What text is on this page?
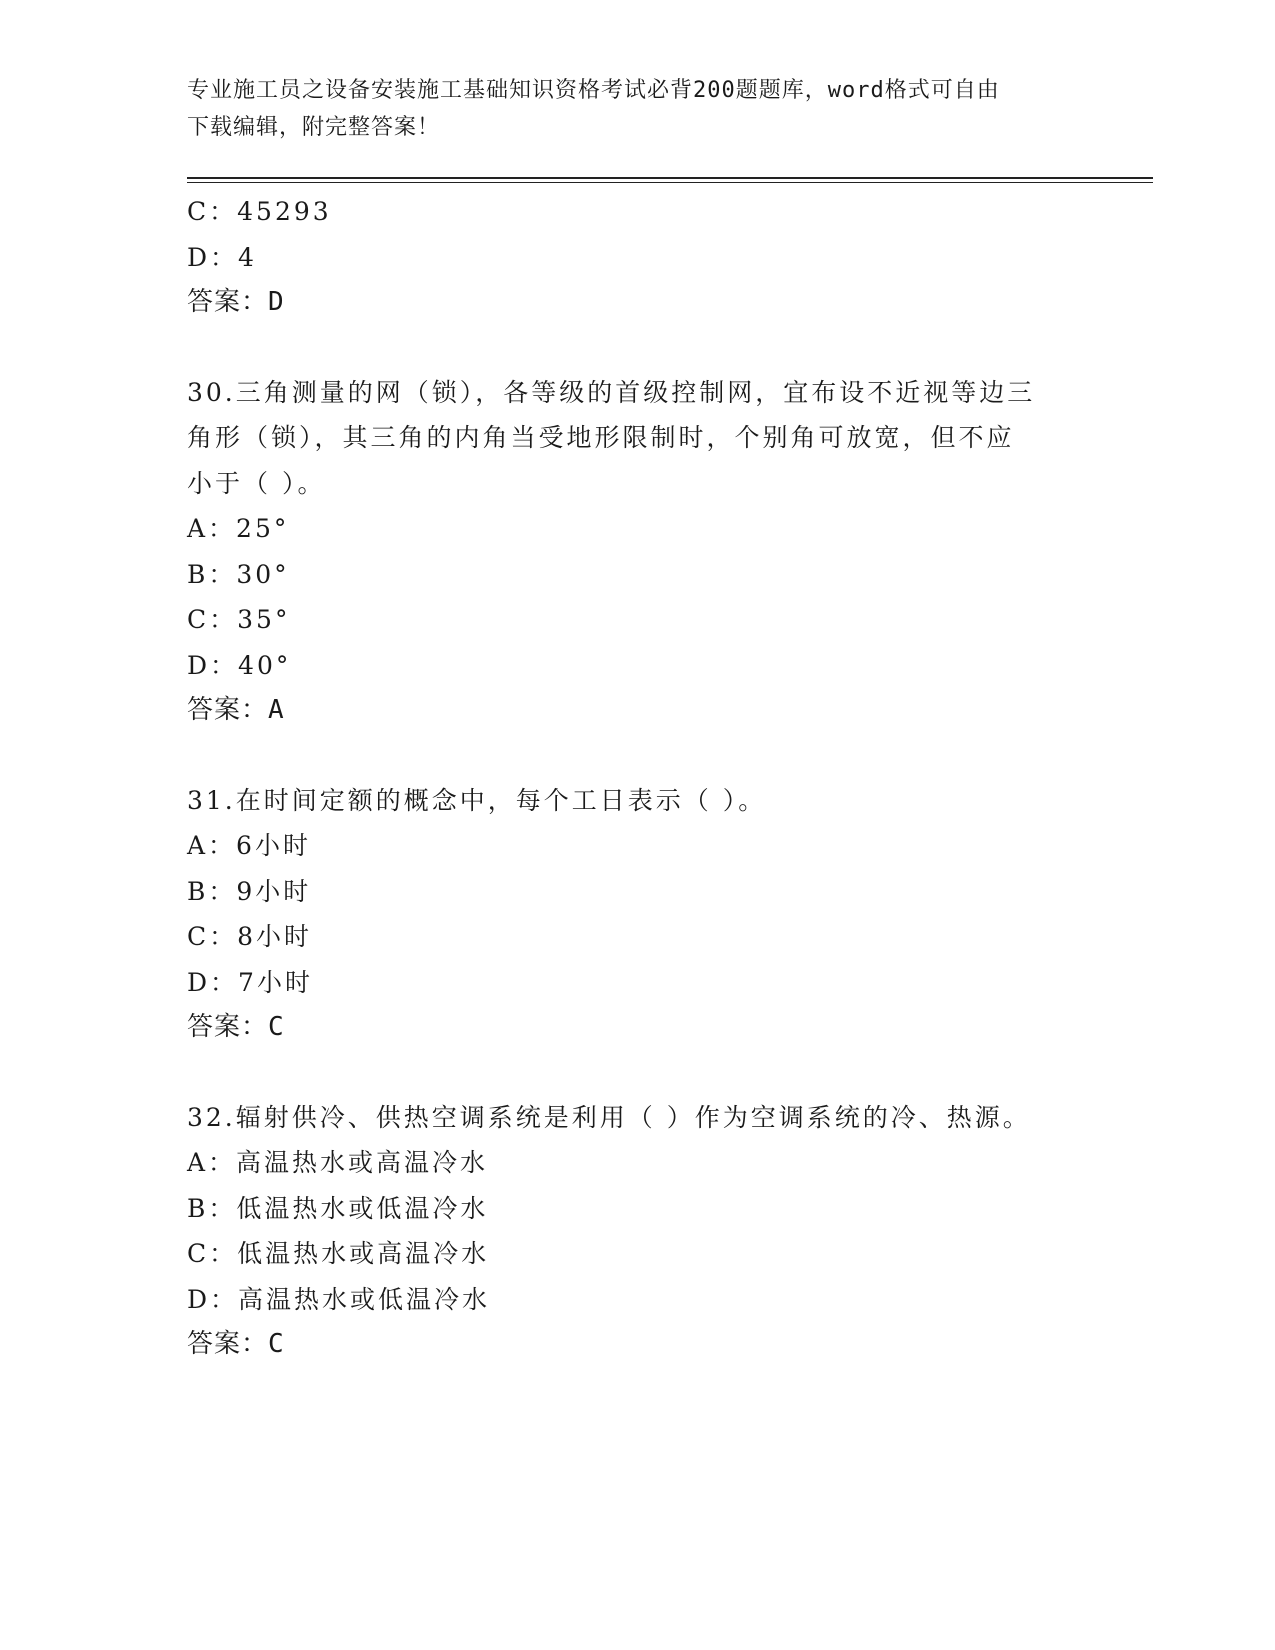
专业施工员之设备安装施工基础知识资格考试必背200题题库，word格式可自由
下载编辑，附完整答案！
C：45293
D：4
答案：D
30.三角测量的网（锁），各等级的首级控制网，宜布设不近视等边三
角形（锁），其三角的内角当受地形限制时，个别角可放宽，但不应
小于（ ）。
A：25°
B：30°
C：35°
D：40°
答案：A
31.在时间定额的概念中，每个工日表示（ ）。
A：6小时
B：9小时
C：8小时
D：7小时
答案：C
32.辐射供冷、供热空调系统是利用（ ）作为空调系统的冷、热源。
A：高温热水或高温冷水
B：低温热水或低温冷水
C：低温热水或高温冷水
D：高温热水或低温冷水
答案：C
